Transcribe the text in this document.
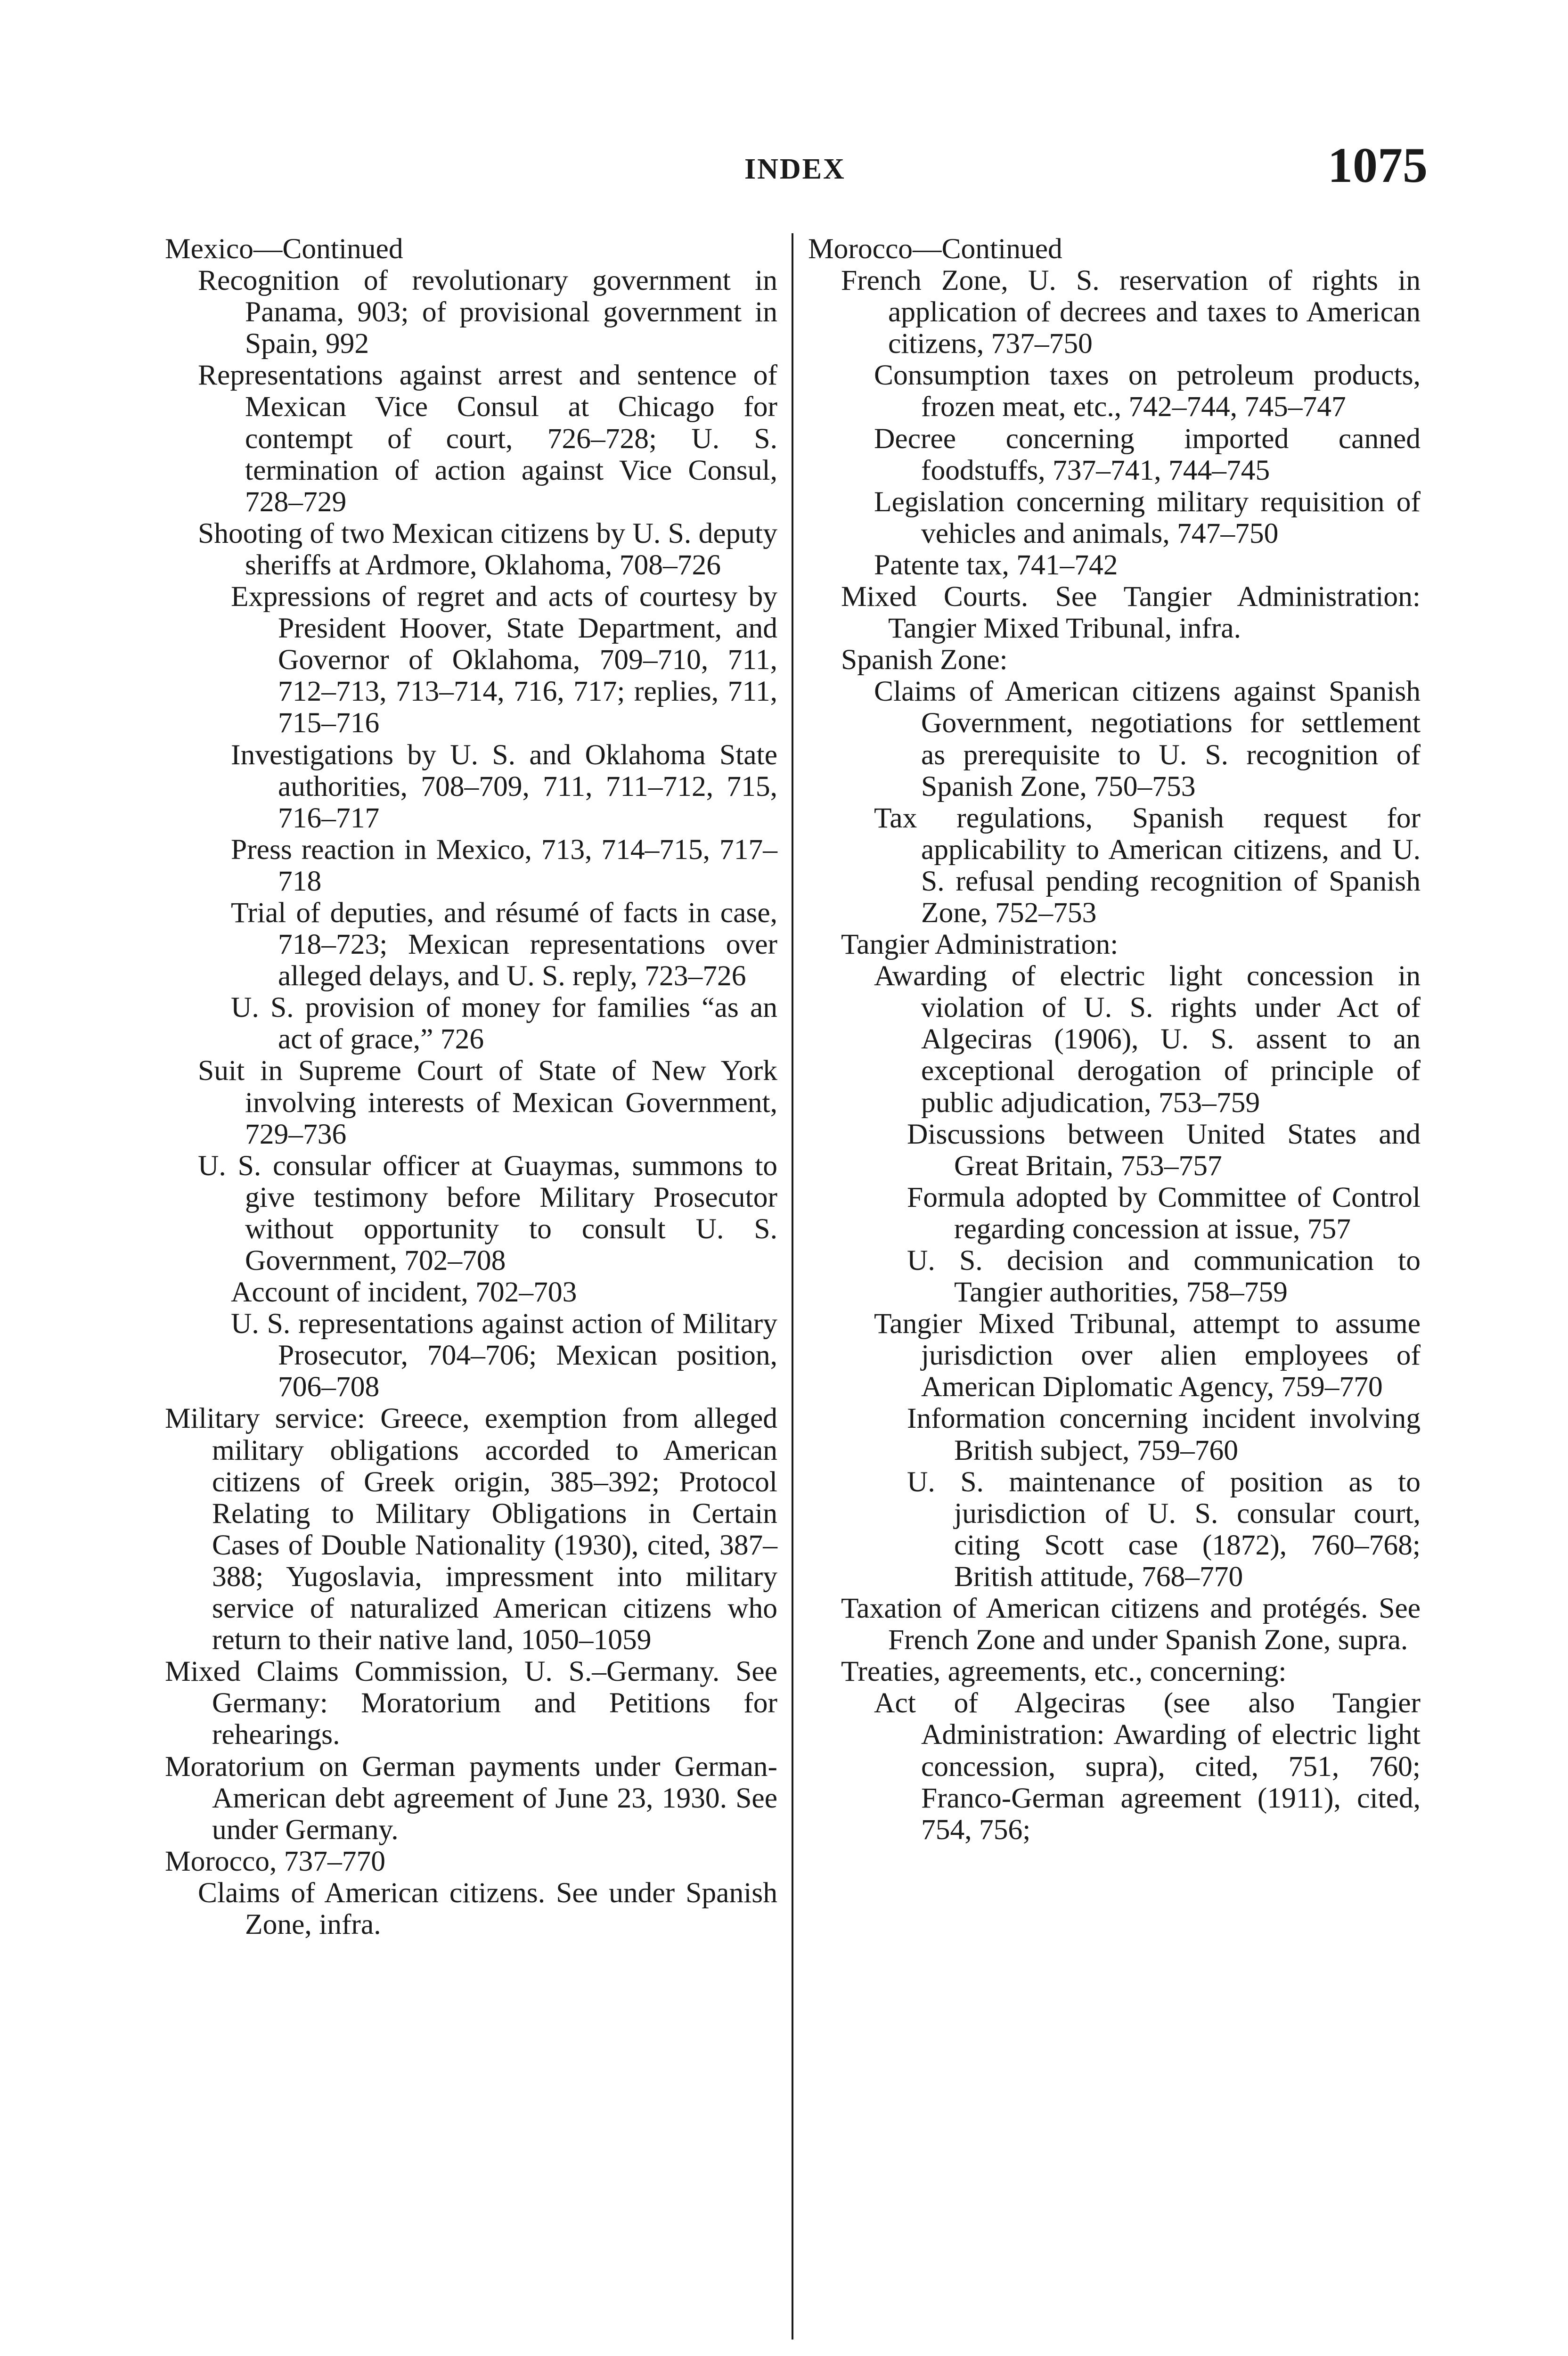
INDEX	1075
Mexico—Continued
Recognition of revolutionary government in Panama, 903; of provisional government in Spain, 992
Representations against arrest and sentence of Mexican Vice Consul at Chicago for contempt of court, 726–728; U. S. termination of action against Vice Consul, 728–729
Shooting of two Mexican citizens by U. S. deputy sheriffs at Ardmore, Oklahoma, 708–726
Expressions of regret and acts of courtesy by President Hoover, State Department, and Governor of Oklahoma, 709–710, 711, 712–713, 713–714, 716, 717; replies, 711, 715–716
Investigations by U. S. and Oklahoma State authorities, 708–709, 711, 711–712, 715, 716–717
Press reaction in Mexico, 713, 714–715, 717–718
Trial of deputies, and résumé of facts in case, 718–723; Mexican representations over alleged delays, and U. S. reply, 723–726
U. S. provision of money for families “as an act of grace,” 726
Suit in Supreme Court of State of New York involving interests of Mexican Government, 729–736
U. S. consular officer at Guaymas, summons to give testimony before Military Prosecutor without opportunity to consult U. S. Government, 702–708
Account of incident, 702–703
U. S. representations against action of Military Prosecutor, 704–706; Mexican position, 706–708
Military service: Greece, exemption from alleged military obligations accorded to American citizens of Greek origin, 385–392; Protocol Relating to Military Obligations in Certain Cases of Double Nationality (1930), cited, 387–388; Yugoslavia, impressment into military service of naturalized American citizens who return to their native land, 1050–1059
Mixed Claims Commission, U. S.–Germany. See Germany: Moratorium and Petitions for rehearings.
Moratorium on German payments under German-American debt agreement of June 23, 1930. See under Germany.
Morocco, 737–770
Claims of American citizens. See under Spanish Zone, infra.
Morocco—Continued
French Zone, U. S. reservation of rights in application of decrees and taxes to American citizens, 737–750
Consumption taxes on petroleum products, frozen meat, etc., 742–744, 745–747
Decree concerning imported canned foodstuffs, 737–741, 744–745
Legislation concerning military requisition of vehicles and animals, 747–750
Patente tax, 741–742
Mixed Courts. See Tangier Administration: Tangier Mixed Tribunal, infra.
Spanish Zone:
Claims of American citizens against Spanish Government, negotiations for settlement as prerequisite to U. S. recognition of Spanish Zone, 750–753
Tax regulations, Spanish request for applicability to American citizens, and U. S. refusal pending recognition of Spanish Zone, 752–753
Tangier Administration:
Awarding of electric light concession in violation of U. S. rights under Act of Algeciras (1906), U. S. assent to an exceptional derogation of principle of public adjudication, 753–759
Discussions between United States and Great Britain, 753–757
Formula adopted by Committee of Control regarding concession at issue, 757
U. S. decision and communication to Tangier authorities, 758–759
Tangier Mixed Tribunal, attempt to assume jurisdiction over alien employees of American Diplomatic Agency, 759–770
Information concerning incident involving British subject, 759–760
U. S. maintenance of position as to jurisdiction of U. S. consular court, citing Scott case (1872), 760–768; British attitude, 768–770
Taxation of American citizens and protégés. See French Zone and under Spanish Zone, supra.
Treaties, agreements, etc., concerning:
Act of Algeciras (see also Tangier Administration: Awarding of electric light concession, supra), cited, 751, 760; Franco-German agreement (1911), cited, 754, 756;
